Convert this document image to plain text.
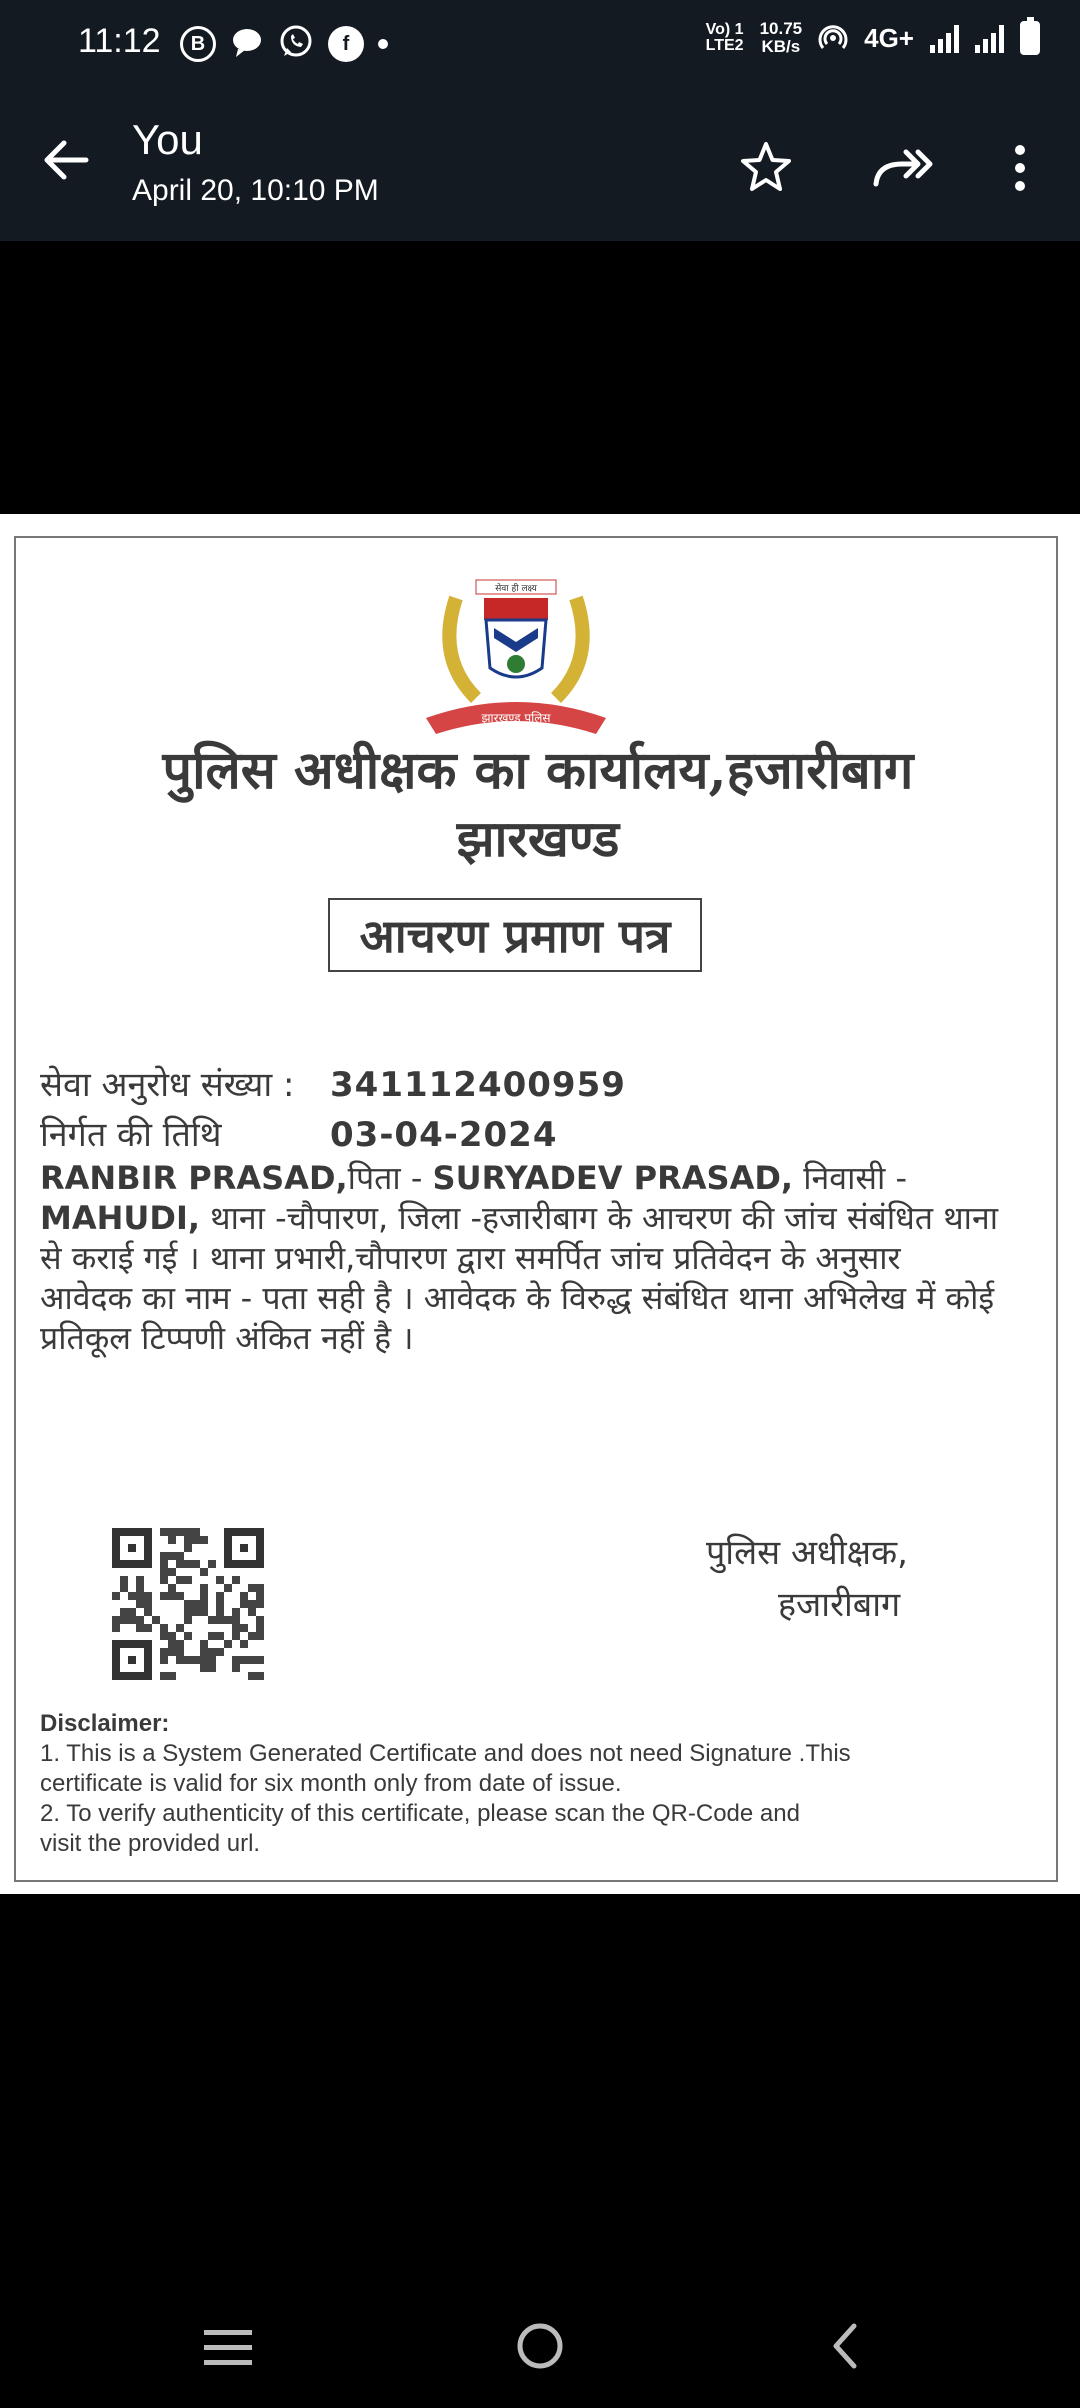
11:12	B	f
Vo) 1
LTE2
10.75
KB/s 4G+
You
April 20, 10:10 PM
सेवा ही लक्ष्य
झारखण्ड पुलिस
पुलिस अधीक्षक का कार्यालय,हजारीबाग
झारखण्ड
आचरण प्रमाण पत्र
सेवा अनुरोध संख्या : 341112400959
निर्गत की तिथि	03-04-2024
RANBIR PRASAD,पिता - SURYADEV PRASAD, निवासी - MAHUDI, थाना -चौपारण, जिला -हजारीबाग के आचरण की जांच संबंधित थाना से कराई गई । थाना प्रभारी,चौपारण द्वारा समर्पित जांच प्रतिवेदन के अनुसार आवेदक का नाम - पता सही है । आवेदक के विरुद्ध संबंधित थाना अभिलेख में कोई प्रतिकूल टिप्पणी अंकित नहीं है ।
पुलिस अधीक्षक,
हजारीबाग
Disclaimer:
1. This is a System Generated Certificate and does not need Signature .This
certificate is valid for six month only from date of issue.
2. To verify authenticity of this certificate, please scan the QR-Code and
visit the provided url.
